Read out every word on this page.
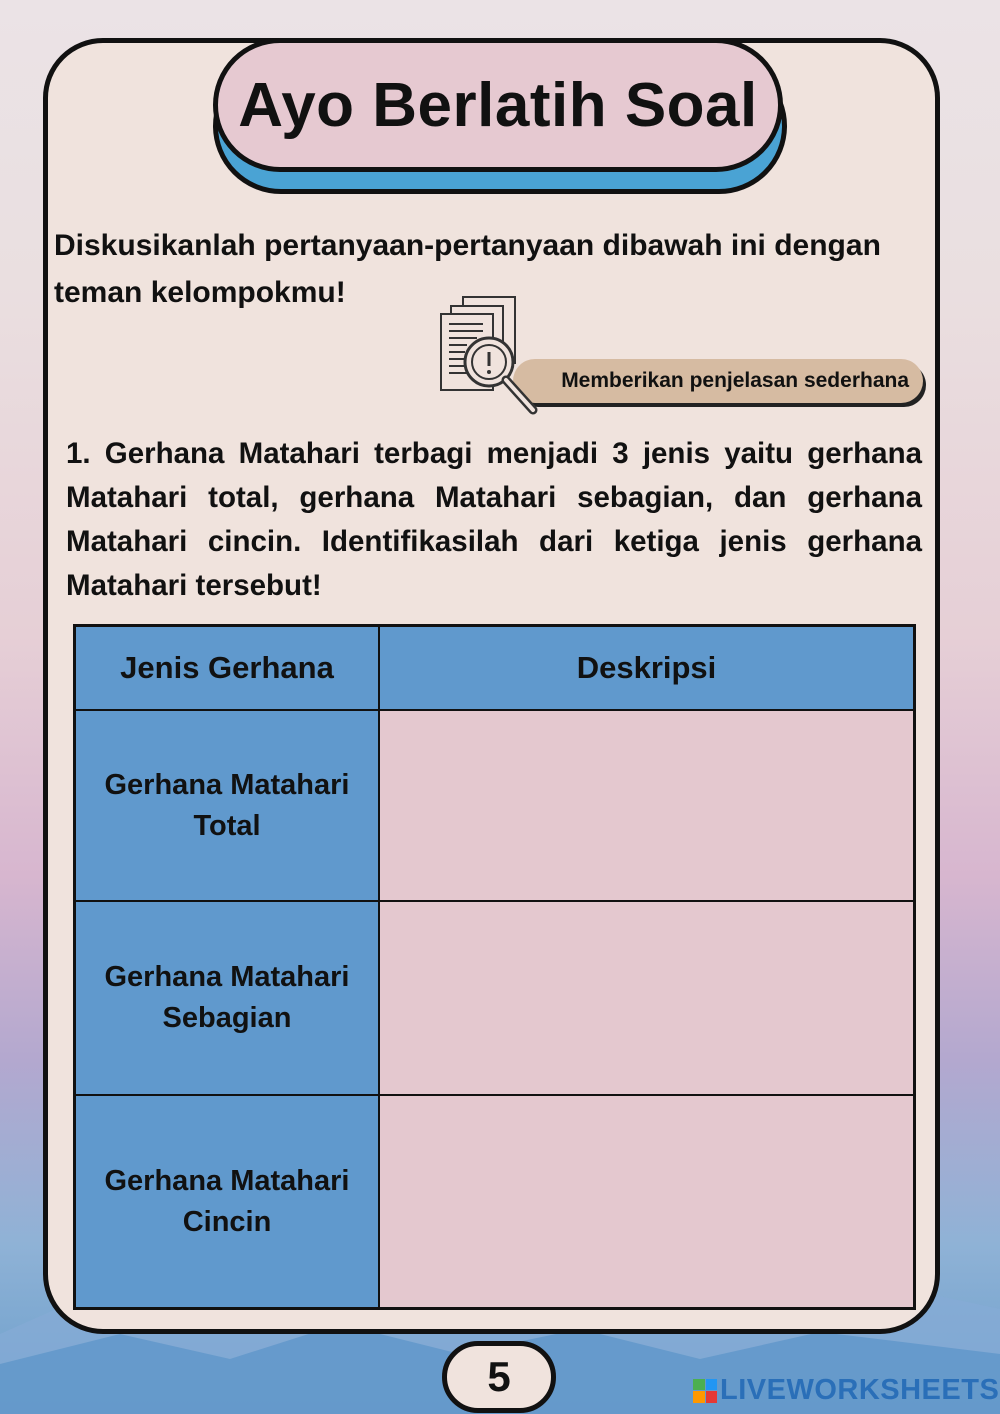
Ayo Berlatih Soal
Diskusikanlah pertanyaan-pertanyaan dibawah ini dengan teman kelompokmu!
Memberikan penjelasan sederhana
1. Gerhana Matahari terbagi menjadi 3 jenis yaitu gerhana Matahari total, gerhana Matahari sebagian, dan gerhana Matahari cincin. Identifikasilah dari ketiga jenis gerhana Matahari tersebut!
Jenis Gerhana	Deskripsi
Gerhana Matahari Total
Gerhana Matahari Sebagian
Gerhana Matahari Cincin
5	LIVEWORKSHEETS
